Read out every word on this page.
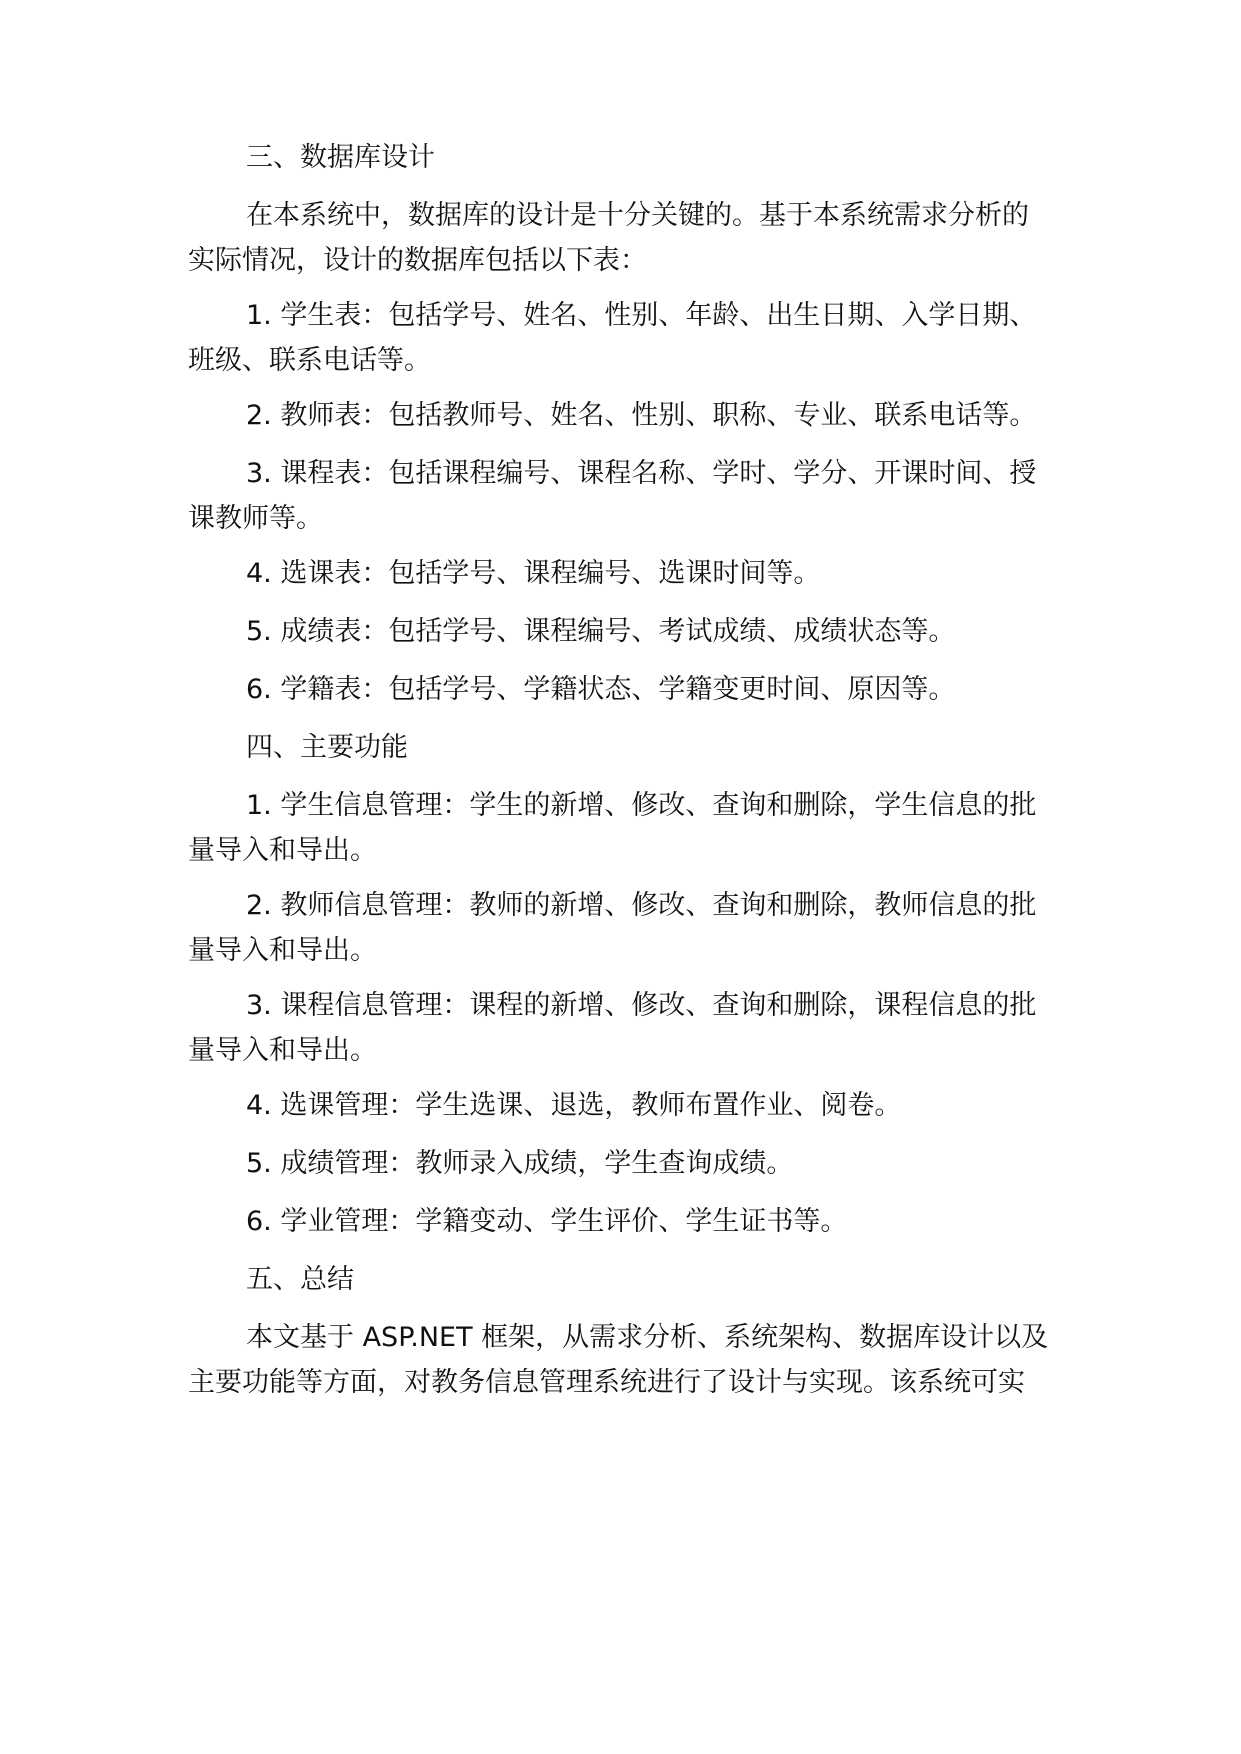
三、数据库设计

在本系统中，数据库的设计是十分关键的。基于本系统需求分析的实际情况，设计的数据库包括以下表：

1. 学生表：包括学号、姓名、性别、年龄、出生日期、入学日期、班级、联系电话等。

2. 教师表：包括教师号、姓名、性别、职称、专业、联系电话等。

3. 课程表：包括课程编号、课程名称、学时、学分、开课时间、授课教师等。

4. 选课表：包括学号、课程编号、选课时间等。

5. 成绩表：包括学号、课程编号、考试成绩、成绩状态等。

6. 学籍表：包括学号、学籍状态、学籍变更时间、原因等。

四、主要功能

1. 学生信息管理：学生的新增、修改、查询和删除，学生信息的批量导入和导出。

2. 教师信息管理：教师的新增、修改、查询和删除，教师信息的批量导入和导出。

3. 课程信息管理：课程的新增、修改、查询和删除，课程信息的批量导入和导出。

4. 选课管理：学生选课、退选，教师布置作业、阅卷。

5. 成绩管理：教师录入成绩，学生查询成绩。

6. 学业管理：学籍变动、学生评价、学生证书等。

五、总结

本文基于 ASP.NET 框架，从需求分析、系统架构、数据库设计以及主要功能等方面，对教务信息管理系统进行了设计与实现。该系统可实
